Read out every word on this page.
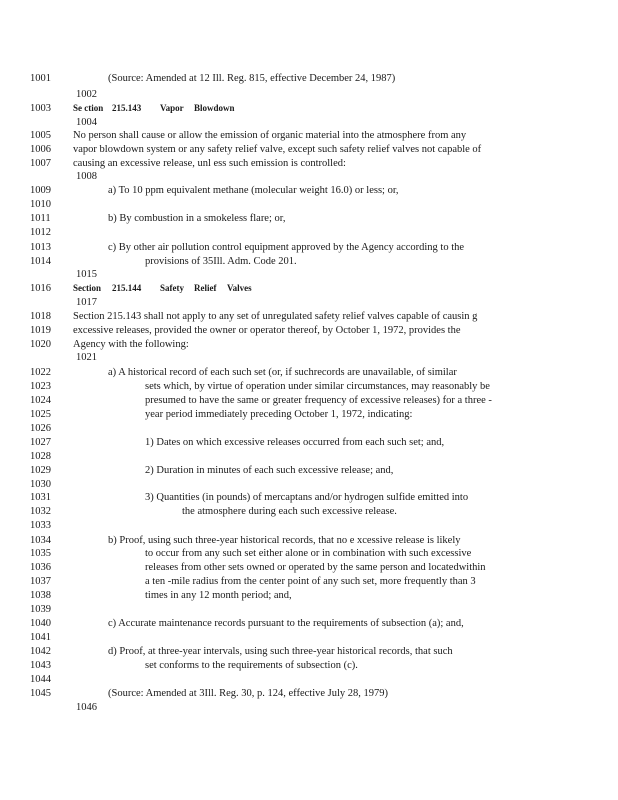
1001	(Source: Amended at 12 Ill. Reg. 815, effective December 24, 1987)
1002
1003 Se ction 215.143 Vapor Blowdown
1004
1005 No person shall cause or allow the emission of organic material into the atmosphere from any
1006 vapor blowdown system or any safety relief valve, except such safety relief valves not capable of
1007 causing an excessive release, unl ess such emission is controlled:
1008
1009	a) To 10 ppm equivalent methane (molecular weight 16.0) or less; or,
1010
1011	b) By combustion in a smokeless flare; or,
1012
1013	c) By other air pollution control equipment approved by the Agency according to the
1014	provisions of 35Ill. Adm. Code 201.
1015
1016 Section 215.144 Safety Relief Valves
1017
1018 Section 215.143 shall not apply to any set of unregulated safety relief valves capable of causin g
1019 excessive releases, provided the owner or operator thereof, by October 1, 1972, provides the
1020 Agency with the following:
1021
1022	a) A historical record of each such set (or, if suchrecords are unavailable, of similar
1023	sets which, by virtue of operation under similar circumstances, may reasonably be
1024	presumed to have the same or greater frequency of excessive releases) for a three -
1025	year period immediately preceding October 1, 1972, indicating:
1026
1027	1) Dates on which excessive releases occurred from each such set; and,
1028
1029	2) Duration in minutes of each such excessive release; and,
1030
1031	3) Quantities (in pounds) of mercaptans and/or hydrogen sulfide emitted into
1032	the atmosphere during each such excessive release.
1033
1034	b) Proof, using such three-year historical records, that no e xcessive release is likely
1035	to occur from any such set either alone or in combination with such excessive
1036	releases from other sets owned or operated by the same person and locatedwithin
1037	a ten -mile radius from the center point of any such set, more frequently than 3
1038	times in any 12 month period; and,
1039
1040	c) Accurate maintenance records pursuant to the requirements of subsection (a); and,
1041
1042	d) Proof, at three-year intervals, using such three-year historical records, that such
1043	set conforms to the requirements of subsection (c).
1044
1045	(Source: Amended at 3Ill. Reg. 30, p. 124, effective July 28, 1979)
1046
